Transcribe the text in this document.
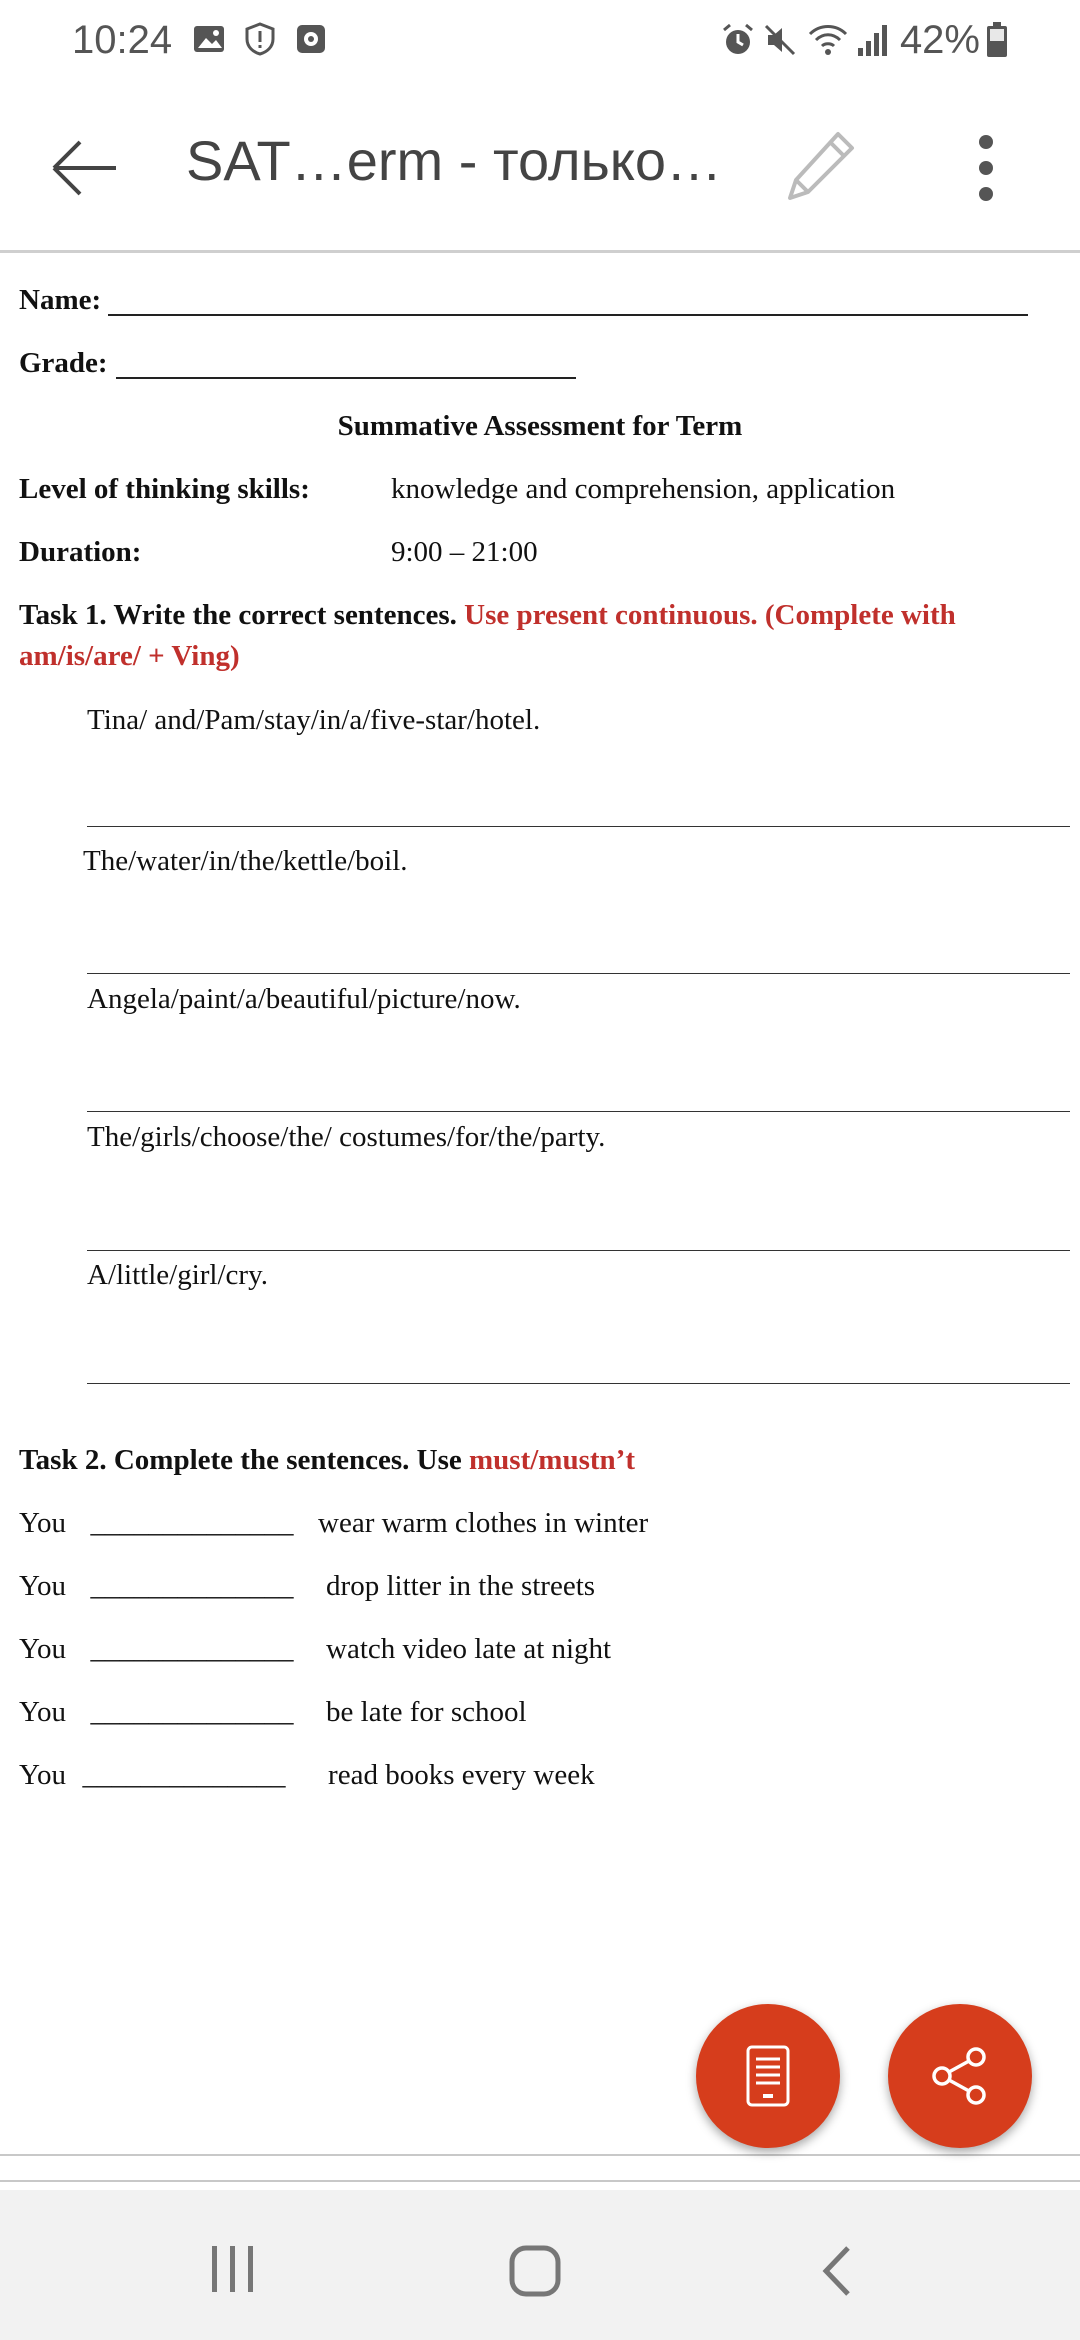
10:24	42%
SAT…erm - только…
Name:
Grade:
Summative Assessment for Term
Level of thinking skills:	knowledge and comprehension, application
Duration:	9:00 – 21:00
Task 1. Write the correct sentences. Use present continuous. (Complete with
am/is/are/ + Ving)
Tina/ and/Pam/stay/in/a/five-star/hotel.
The/water/in/the/kettle/boil.
Angela/paint/a/beautiful/picture/now.
The/girls/choose/the/ costumes/for/the/party.
A/little/girl/cry.
Task 2. Complete the sentences. Use must/mustn’t
You ______________ wear warm clothes in winter
You ______________ drop litter in the streets
You ______________ watch video late at night
You ______________ be late for school
You ______________ read books every week
